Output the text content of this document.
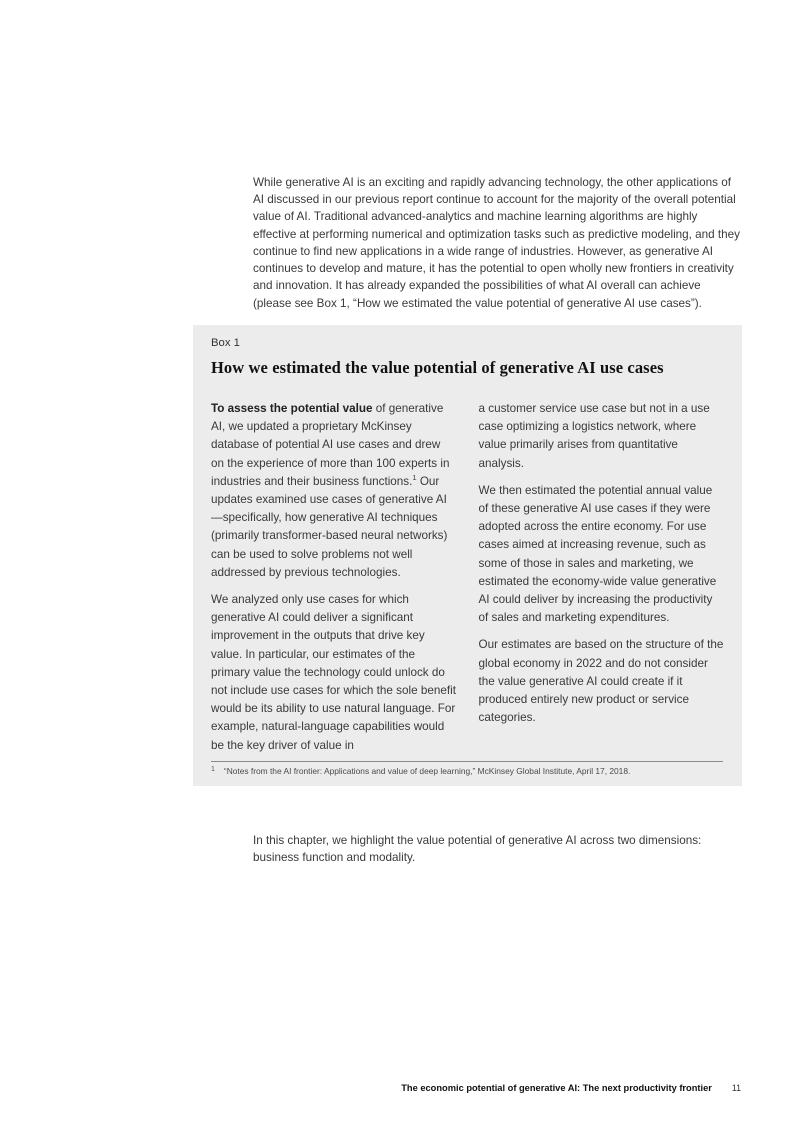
While generative AI is an exciting and rapidly advancing technology, the other applications of AI discussed in our previous report continue to account for the majority of the overall potential value of AI. Traditional advanced-analytics and machine learning algorithms are highly effective at performing numerical and optimization tasks such as predictive modeling, and they continue to find new applications in a wide range of industries. However, as generative AI continues to develop and mature, it has the potential to open wholly new frontiers in creativity and innovation. It has already expanded the possibilities of what AI overall can achieve (please see Box 1, “How we estimated the value potential of generative AI use cases”).

Box 1
How we estimated the value potential of generative AI use cases

To assess the potential value of generative AI, we updated a proprietary McKinsey database of potential AI use cases and drew on the experience of more than 100 experts in industries and their business functions.$^1$ Our updates examined use cases of generative AI—specifically, how generative AI techniques (primarily transformer-based neural networks) can be used to solve problems not well addressed by previous technologies.

We analyzed only use cases for which generative AI could deliver a significant improvement in the outputs that drive key value. In particular, our estimates of the primary value the technology could unlock do not include use cases for which the sole benefit would be its ability to use natural language. For example, natural-language capabilities would be the key driver of value in

a customer service use case but not in a use case optimizing a logistics network, where value primarily arises from quantitative analysis.

We then estimated the potential annual value of these generative AI use cases if they were adopted across the entire economy. For use cases aimed at increasing revenue, such as some of those in sales and marketing, we estimated the economy-wide value generative AI could deliver by increasing the productivity of sales and marketing expenditures.

Our estimates are based on the structure of the global economy in 2022 and do not consider the value generative AI could create if it produced entirely new product or service categories.

1 “Notes from the AI frontier: Applications and value of deep learning,” McKinsey Global Institute, April 17, 2018.

In this chapter, we highlight the value potential of generative AI across two dimensions: business function and modality.

The economic potential of generative AI: The next productivity frontier 11
